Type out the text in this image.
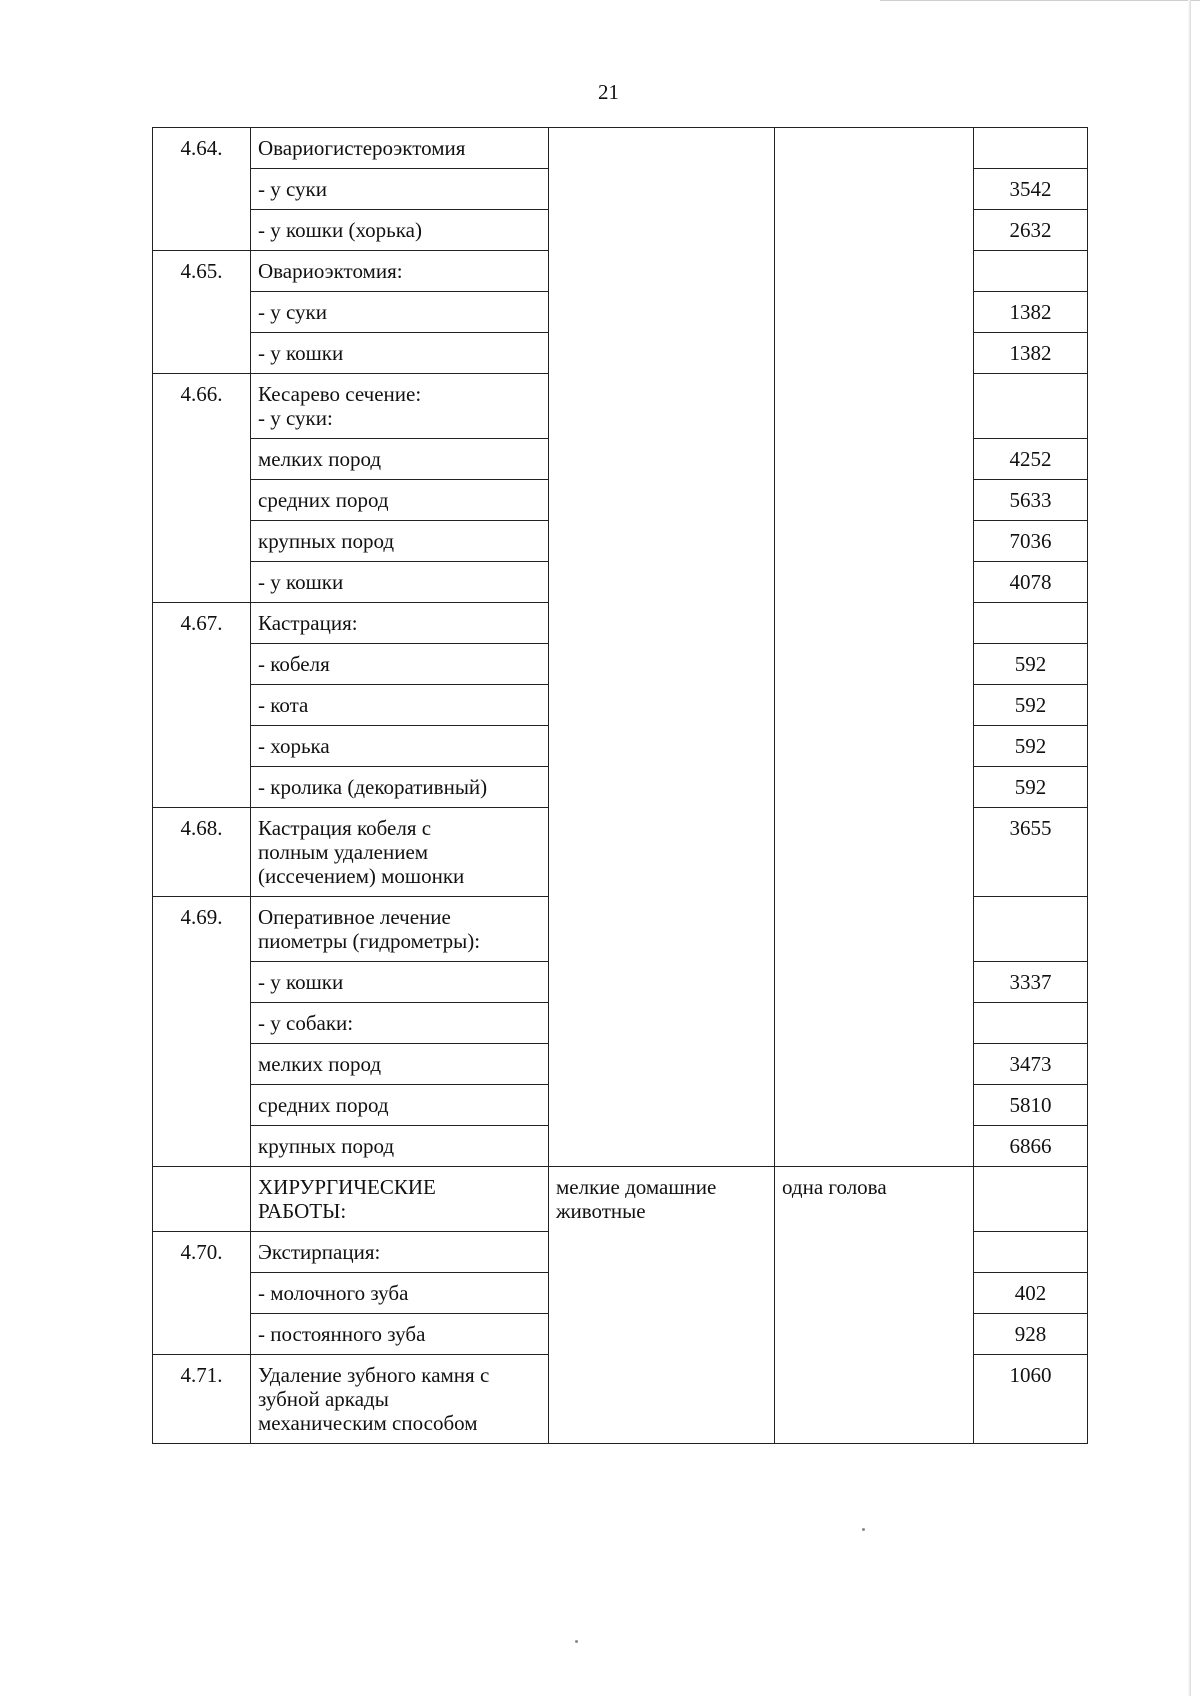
21
4.64.	Овариогистероэктомия			
	- у суки			3542
	- у кошки (хорька)			2632
4.65.	Овариоэктомия:			
	- у суки			1382
	- у кошки			1382
4.66.	Кесарево сечение:
- у суки:			
	мелких пород			4252
	средних пород			5633
	крупных пород			7036
	- у кошки			4078
4.67.	Кастрация:			
	- кобеля			592
	- кота			592
	- хорька			592
	- кролика (декоративный)			592
4.68.	Кастрация кобеля с
полным удалением
(иссечением) мошонки			3655
4.69.	Оперативное лечение
пиометры (гидрометры):			
	- у кошки			3337
	- у собаки:			
	мелких пород			3473
	средних пород			5810
	крупных пород			6866
	ХИРУРГИЧЕСКИЕ
РАБОТЫ:	мелкие домашние животные	одна голова	
4.70.	Экстирпация:			
	- молочного зуба			402
	- постоянного зуба			928
4.71.	Удаление зубного камня с
зубной аркады
механическим способом			1060
